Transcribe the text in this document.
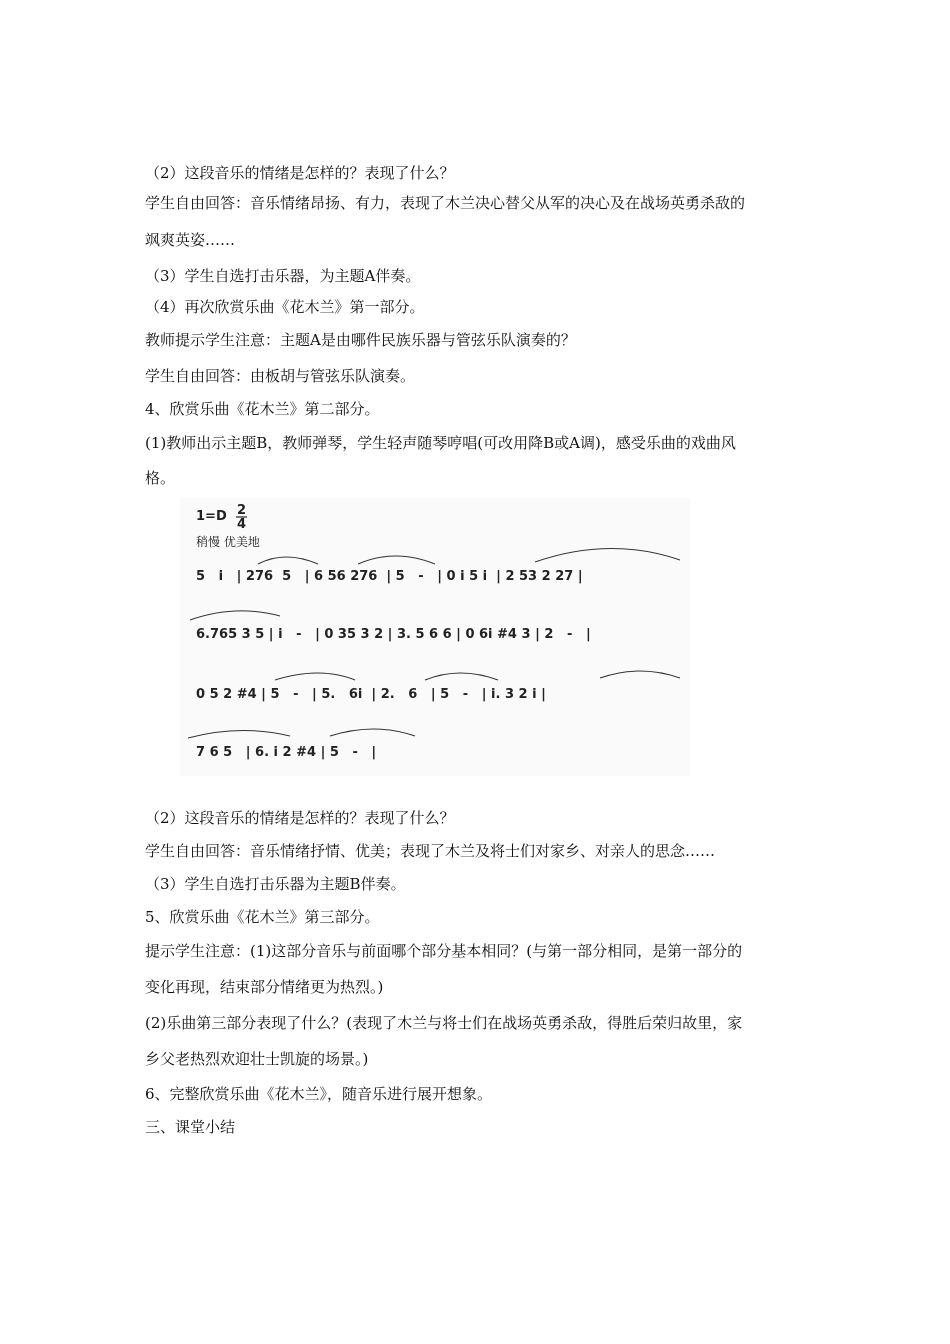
（2）这段音乐的情绪是怎样的？表现了什么？
学生自由回答：音乐情绪昂扬、有力，表现了木兰决心替父从军的决心及在战场英勇杀敌的
飒爽英姿……
（3）学生自选打击乐器，为主题A伴奏。
（4）再次欣赏乐曲《花木兰》第一部分。
教师提示学生注意：主题A是由哪件民族乐器与管弦乐队演奏的？
学生自由回答：由板胡与管弦乐队演奏。
4、欣赏乐曲《花木兰》第二部分。
(1)教师出示主题B，教师弹琴，学生轻声随琴哼唱(可改用降B或A调)，感受乐曲的戏曲风
格。
1=D 2
4
稍慢 优美地
5   i   | 276  5   | 6 56 276  | 5   -   | 0 i 5 i  | 2 53 2 27 |
6.765 3 5 | i   -   | 0 35 3 2 | 3. 5 6 6 | 0 6i #4 3 | 2   -   |
0 5 2 #4 | 5   -   | 5.   6i  | 2.   6   | 5   -   | i. 3 2 i |
7 6 5   | 6. i 2 #4 | 5   -   |
（2）这段音乐的情绪是怎样的？表现了什么？
学生自由回答：音乐情绪抒情、优美；表现了木兰及将士们对家乡、对亲人的思念……
（3）学生自选打击乐器为主题B伴奏。
5、欣赏乐曲《花木兰》第三部分。
提示学生注意：(1)这部分音乐与前面哪个部分基本相同？(与第一部分相同，是第一部分的
变化再现，结束部分情绪更为热烈。)
(2)乐曲第三部分表现了什么？(表现了木兰与将士们在战场英勇杀敌，得胜后荣归故里，家
乡父老热烈欢迎壮士凯旋的场景。)
6、完整欣赏乐曲《花木兰》，随音乐进行展开想象。
三、课堂小结
